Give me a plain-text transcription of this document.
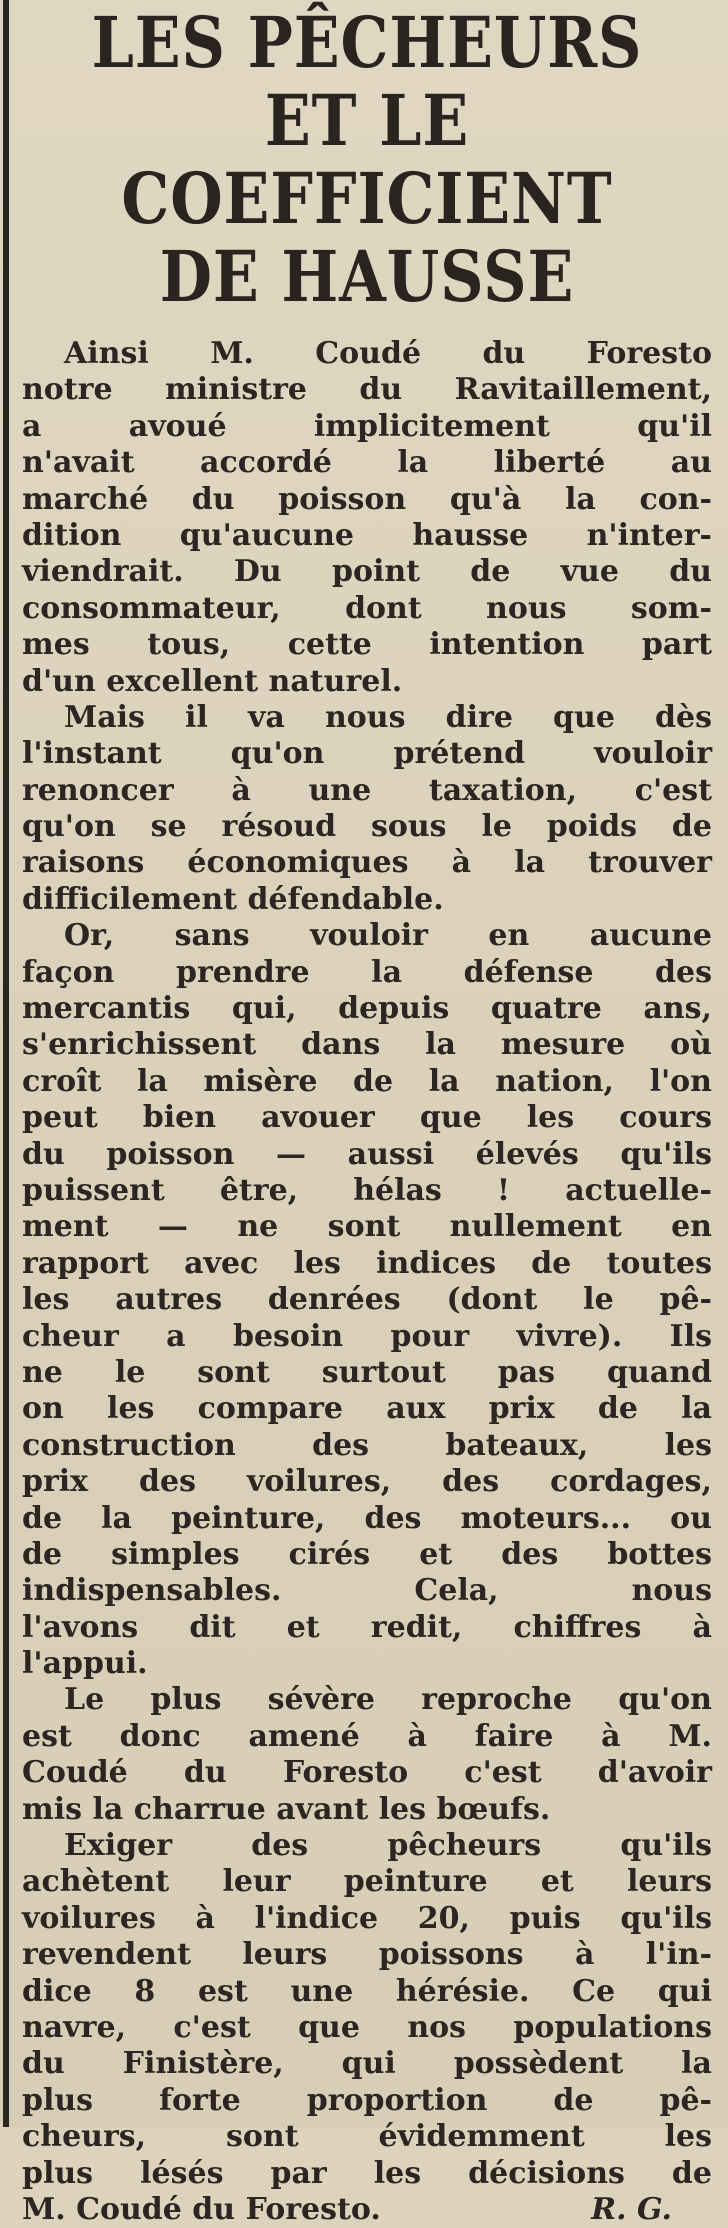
LES PÊCHEURS
ET LE COEFFICIENT
DE HAUSSE
Ainsi M. Coudé du Foresto
notre ministre du Ravitaillement,
a avoué implicitement qu'il
n'avait accordé la liberté au
marché du poisson qu'à la con-
dition qu'aucune hausse n'inter-
viendrait. Du point de vue du
consommateur, dont nous som-
mes tous, cette intention part
d'un excellent naturel.
Mais il va nous dire que dès
l'instant qu'on prétend vouloir
renoncer à une taxation, c'est
qu'on se résoud sous le poids de
raisons économiques à la trouver
difficilement défendable.
Or, sans vouloir en aucune
façon prendre la défense des
mercantis qui, depuis quatre ans,
s'enrichissent dans la mesure où
croît la misère de la nation, l'on
peut bien avouer que les cours
du poisson — aussi élevés qu'ils
puissent être, hélas ! actuelle-
ment — ne sont nullement en
rapport avec les indices de toutes
les autres denrées (dont le pê-
cheur a besoin pour vivre). Ils
ne le sont surtout pas quand
on les compare aux prix de la
construction des bateaux, les
prix des voilures, des cordages,
de la peinture, des moteurs... ou
de simples cirés et des bottes
indispensables. Cela, nous
l'avons dit et redit, chiffres à
l'appui.
Le plus sévère reproche qu'on
est donc amené à faire à M.
Coudé du Foresto c'est d'avoir
mis la charrue avant les bœufs.
Exiger des pêcheurs qu'ils
achètent leur peinture et leurs
voilures à l'indice 20, puis qu'ils
revendent leurs poissons à l'in-
dice 8 est une hérésie. Ce qui
navre, c'est que nos populations
du Finistère, qui possèdent la
plus forte proportion de pê-
cheurs, sont évidemment les
plus lésés par les décisions de
M. Coudé du Foresto.	R. G.
